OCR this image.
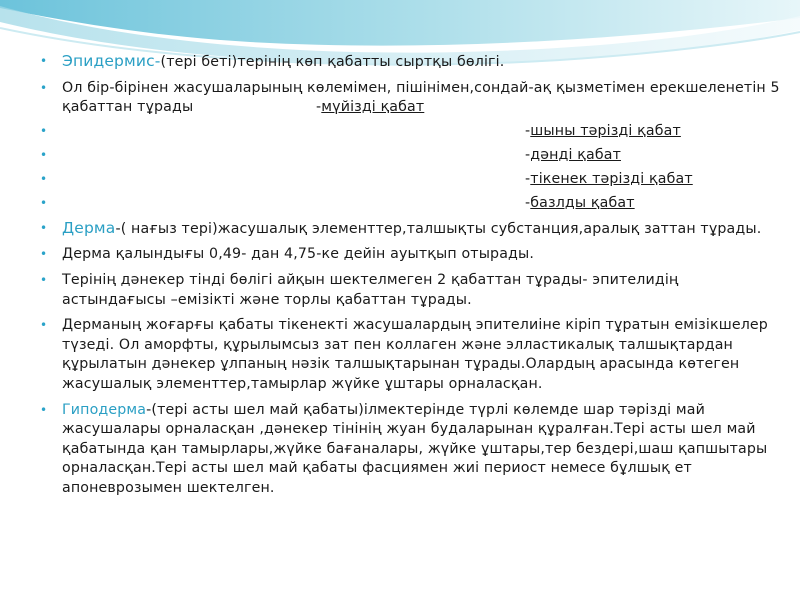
• Эпидермис-(тері беті)терінің көп қабатты сыртқы бөлігі.
• Ол бір-бірінен жасушаларының көлемімен, пішінімен,сондай-ақ қызметімен ерекшеленетін 5 қабаттан тұрады	-мүйізді қабат
•	-шыны тәрізді қабат
•	-дәнді қабат
•	-тікенек тәрізді қабат
•	-базлды қабат
• Дерма-( нағыз тері)жасушалық элементтер,талшықты субстанция,аралық заттан тұрады.
• Дерма қалындығы 0,49- дан 4,75-ке дейін ауытқып отырады.
• Терінің дәнекер тінді бөлігі айқын шектелмеген 2 қабаттан тұрады- эпителидің астындағысы –емізікті және торлы қабаттан тұрады.
• Дерманың жоғарғы қабаты тікенекті жасушалардың эпителиіне кіріп тұратын емізікшелер түзеді. Ол аморфты, құрылымсыз зат пен коллаген және элластикалық талшықтардан құрылатын дәнекер ұлпаның нәзік талшықтарынан тұрады.Олардың арасында көтеген жасушалық элементтер,тамырлар жүйке ұштары орналасқан.
• Гиподерма-(тері асты шел май қабаты)ілмектерінде түрлі көлемде шар тәрізді май жасушалары орналасқан ,дәнекер тінінің жуан будаларынан құралған.Тері асты шел май қабатында қан тамырлары,жүйке бағаналары, жүйке ұштары,тер бездері,шаш қапшытары орналасқан.Тері асты шел май қабаты фасциямен жиі периост немесе бұлшық ет апоневрозымен шектелген.
